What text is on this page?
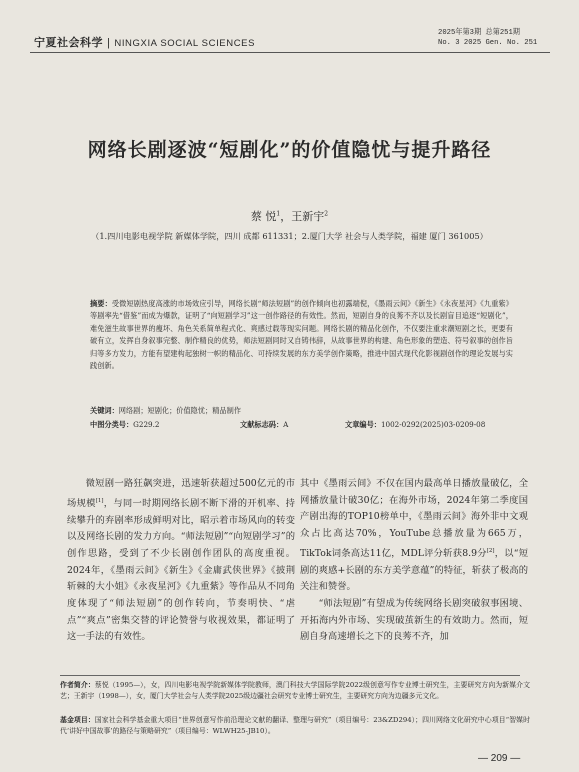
宁夏社会科学 | NINGXIA SOCIAL SCIENCES
2025年第3期 总第251期
No. 3 2025 Gen. No. 251
网络长剧逐波“短剧化”的价值隐忧与提升路径
蔡 悦$^1$，王新宇$^2$
（1.四川电影电视学院 新媒体学院，四川 成都 611331；2.厦门大学 社会与人类学院，福建 厦门 361005）
摘要：受微短剧热度高涨的市场效应引导，网络长剧“师法短剧”的创作倾向也初露端倪，《墨雨云间》《新生》《永夜星河》《九重紫》等剧率先“借鉴”而成为爆款，证明了“向短剧学习”这一创作路径的有效性。然而，短剧自身的良莠不齐以及长剧盲目追逐“短剧化”，难免滋生故事世界的瘦坏、角色关系简单程式化、爽感过载等现实问题。网络长剧的精品化创作，不仅要注重求潮短剧之长，更要有破有立，发挥自身叙事完整、制作精良的优势，师法短剧同时又自铸伟辞，从故事世界的构建、角色形象的塑造、符号叙事的创作旨归等多方发力，方能有望建构起独树一帜的精品化、可持续发展的东方美学创作策略，推进中国式现代化影视剧创作的理论发展与实践创新。
关键词：网络剧；短剧化；价值隐忧；精品制作
中图分类号：G229.2	文献标志码：A	文章编号：1002-0292(2025)03-0209-08

微短剧一路狂飙突进，迅速斩获超过500亿元的市场规模[1]，与同一时期网络长剧不断下滑的开机率、持续攀升的弃剧率形成鲜明对比，昭示着市场风向的转变以及网络长剧的发力方向。“师法短剧”“向短剧学习”的创作思路，受到了不少长剧创作团队的高度重视。2024年，《墨雨云间》《新生》《金庸武侠世界》《披荆斩棘的大小姐》《永夜星河》《九重紫》等作品从不同角度体现了“师法短剧”的创作转向，节奏明快、“虐点”“爽点”密集交替的评论赞誉与收视效果，都证明了这一手法的有效性。

其中《墨雨云间》不仅在国内最高单日播放量破亿，全网播放量计破30亿；在海外市场，2024年第二季度国产剧出海的TOP10榜单中，《墨雨云间》海外非中文观众占比高达70%，YouTube总播放量为665万，TikTok词条高达11亿，MDL评分斩获8.9分[2]，以“短剧的爽感+长剧的东方美学意蕴”的特征，斩获了极高的关注和赞誉。

“师法短剧”有望成为传统网络长剧突破叙事困境、开拓海内外市场、实现破茧新生的有效助力。然而，短剧自身高速增长之下的良莠不齐，加

作者简介：蔡悦（1995—），女，四川电影电视学院新媒体学院教师，澳门科技大学国际学院2022级创意写作专业博士研究生，主要研究方向为新媒介文艺；王新宇（1998—），女，厦门大学社会与人类学院2025级边疆社会研究专业博士研究生，主要研究方向为边疆多元文化。
基金项目：国家社会科学基金重大项目“世界创意写作前沿理论文献的翻译、整理与研究”（项目编号：23&ZD294）；四川网络文化研究中心项目“智媒时代‘讲好中国故事’的路径与策略研究”（项目编号：WLWH25-JB10）。
— 209 —
